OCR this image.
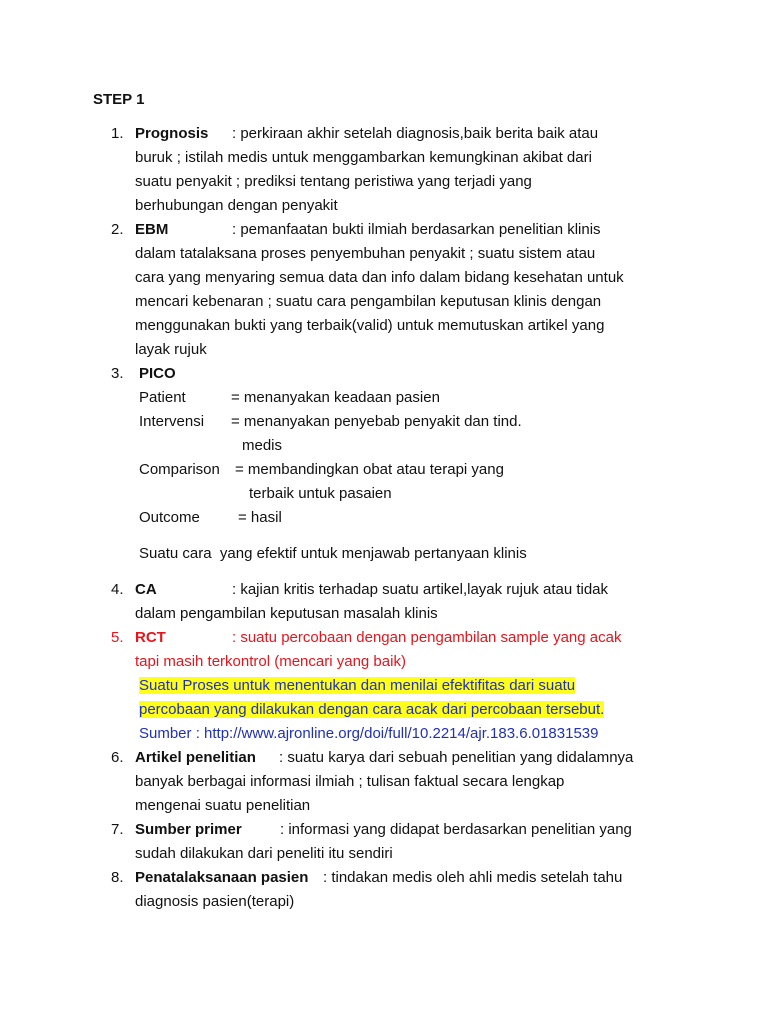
STEP 1
1. Prognosis : perkiraan akhir setelah diagnosis,baik berita baik atau
buruk ; istilah medis untuk menggambarkan kemungkinan akibat dari
suatu penyakit ; prediksi tentang peristiwa yang terjadi yang
berhubungan dengan penyakit
2. EBM	: pemanfaatan bukti ilmiah berdasarkan penelitian klinis
dalam tatalaksana proses penyembuhan penyakit ; suatu sistem atau
cara yang menyaring semua data dan info dalam bidang kesehatan untuk
mencari kebenaran ; suatu cara pengambilan keputusan klinis dengan
menggunakan bukti yang terbaik(valid) untuk memutuskan artikel yang
layak rujuk
3. PICO
Patient	= menanyakan keadaan pasien
Intervensi = menanyakan penyebab penyakit dan tind.
medis
Comparison = membandingkan obat atau terapi yang
terbaik untuk pasaien
Outcome	= hasil
Suatu cara  yang efektif untuk menjawab pertanyaan klinis
4. CA	: kajian kritis terhadap suatu artikel,layak rujuk atau tidak
dalam pengambilan keputusan masalah klinis
5. RCT	: suatu percobaan dengan pengambilan sample yang acak
tapi masih terkontrol (mencari yang baik)
Suatu Proses untuk menentukan dan menilai efektifitas dari suatu
percobaan yang dilakukan dengan cara acak dari percobaan tersebut.
Sumber : http://www.ajronline.org/doi/full/10.2214/ajr.183.6.01831539
6. Artikel penelitian : suatu karya dari sebuah penelitian yang didalamnya
banyak berbagai informasi ilmiah ; tulisan faktual secara lengkap
mengenai suatu penelitian
7. Sumber primer	: informasi yang didapat berdasarkan penelitian yang
sudah dilakukan dari peneliti itu sendiri
8. Penatalaksanaan pasien : tindakan medis oleh ahli medis setelah tahu
diagnosis pasien(terapi)
